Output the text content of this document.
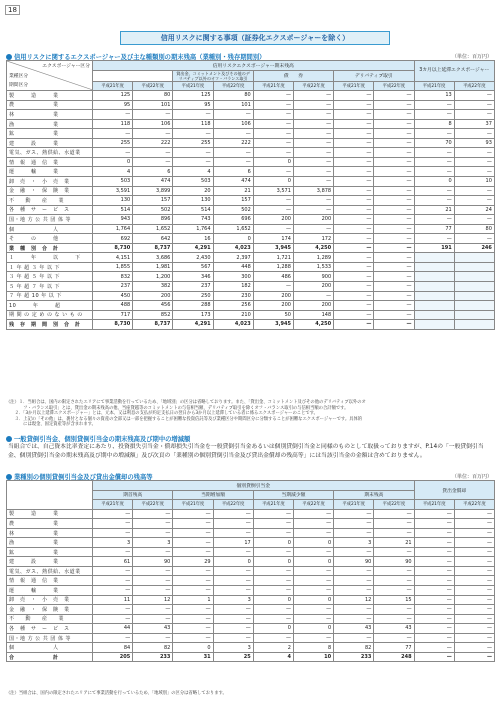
18
信用リスクに関する事項（証券化エクスポージャーを除く）
信用リスクに関するエクスポージャー及び主な種類別の期末残高（業種別・残存期間別）	（単位：百万円）
エクスポージャー区分
業種区分
期間区分	信用リスクエクスポージャー期末残高								3カ月以上延滞エクスポージャー	
			貸出金、コミットメント及びその他のデリバティブ以外のオフ・バランス取引		債　　券		デリバティブ取引			
	平成21年度	平成22年度	平成21年度	平成22年度	平成21年度	平成22年度	平成21年度	平成22年度	平成21年度	平成22年度
製　　　造　　　業	125	80	125	80	—	—	—	—	13	—
農　　　　　　　業	95	101	95	101	—	—	—	—	—	—
林　　　　　　　業	—	—	—	—	—	—	—	—	—	—
漁　　　　　　　業	118	106	118	106	—	—	—	—	8	37
鉱　　　　　　　業	—	—	—	—	—	—	—	—	—	—
建　　　設　　　業	255	222	255	222	—	—	—	—	70	93
電気、ガス、熱供給、水道業	—	—	—	—	—	—	—	—	—	—
情　報　通　信　業	0	—	—	—	0	—	—	—	—	—
運　　　輸　　　業	4	6	4	6	—	—	—	—	—	—
卸　売　・　小　売　業	503	474	503	474	0	—	—	—	0	10
金　融　・　保　険　業	3,591	3,899	20	21	3,571	3,878	—	—	—	—
不　　動　　産　　業	130	157	130	157	—	—	—	—	—	—
各　種　サ　ー　ビ　ス	514	502	514	502	—	—	—	—	21	24
国・地 方 公 共 団 体 等	943	896	743	696	200	200	—	—	—	—
個　　　　　　　人	1,764	1,652	1,764	1,652	—	—	—	—	77	80
そ　　　の　　　他	692	642	16	0	174	172	—	—	—	—
業　種　別　合　計	8,730	8,737	4,291	4,023	3,945	4,250	—	—	191	246
１　　　年　　　以　　　下	4,151	3,686	2,430	2,397	1,721	1,289	—	—		
１ 年 超 ３ 年 以 下	1,855	1,981	567	448	1,288	1,533	—	—		
３ 年 超 ５ 年 以 下	832	1,200	346	300	486	900	—	—		
５ 年 超 ７ 年 以 下	237	382	237	182	—	200	—	—		
７ 年 超 10 年 以 下	450	200	250	230	200	—	—	—		
10　　　年　　　超	488	456	288	256	200	200	—	—		
期 間 の 定 め の な い も の	717	852	173	210	50	148	—	—		
残　存　期　間　別　合　計	8,730	8,737	4,291	4,023	3,945	4,250	—	—		
（注）１．当組合は、国内の限定されたエリアにて事業活動を行っているため、「地域別」の区分は省略しております。また、「貸出金、コミットメント及びその他のデリバティブ以外のオ
　　　　フ・バランス取引」とは、貸出金の期末残高の他、当座貸越等のコミットメントの与信相当額、デリバティブ取引を除くオフ・バランス取引の与信相当額の合計額です。
　　２．「3か月以上延滞エクスポージャー」とは、元本、又は利息の支払が約定支払日の翌日から3か月以上延滞している者に係るエクスポージャーのことです。
　　３．上記の「その他」は、裏付となる個々の資産の全部又は一部を把握することが困難な投資信託等及び業種区分や期間区分に分類することが困難なエクスポージャーです。具体的
　　　　には現金、固定資産等が含まれます。
一般貸倒引当金、個別貸倒引当金の期末残高及び期中の増減額
当組合では、自己資本比率査定にあたり、投資損失引当金・償却損失引当金を一般貸倒引当金あるいは個別貸倒引当金と同様のものとして取扱っておりますが、P.14の「一般貸倒引当金、個別貸倒引当金の期末残高及び期中の増減額」及び次頁の「業種別の個別貸倒引当金及び貸出金償却の残高等」には当該引当金の金額は含めておりません。
業種別の個別貸倒引当金及び貸出金償却の残高等	（単位：百万円）
	個別貸倒引当金								貸出金償却	
	期首残高		当期増加額		当期減少額		期末残高			
	平成21年度	平成22年度	平成21年度	平成22年度	平成21年度	平成22年度	平成21年度	平成22年度	平成21年度	平成22年度
製　　　造　　　業	—	—	—	—	—	—	—	—	—	—
農　　　　　　　業	—	—	—	—	—	—	—	—	—	—
林　　　　　　　業	—	—	—	—	—	—	—	—	—	—
漁　　　　　　　業	3	3	—	17	0	0	3	21	—	—
鉱　　　　　　　業	—	—	—	—	—	—	—	—	—	—
建　　　設　　　業	61	90	29	0	0	0	90	90	—	—
電気、ガス、熱供給、水道業	—	—	—	—	—	—	—	—	—	—
情　報　通　信　業	—	—	—	—	—	—	—	—	—	—
運　　　輸　　　業	—	—	—	—	—	—	—	—	—	—
卸　売　・　小　売　業	11	12	1	3	0	0	12	15	—	—
金　融　・　保　険　業	—	—	—	—	—	—	—	—	—	—
不　　動　　産　　業	—	—	—	—	—	—	—	—	—	—
各　種　サ　ー　ビ　ス	44	43	—	—	0	0	43	43	—	—
国・地 方 公 共 団 体 等	—	—	—	—	—	—	—	—	—	—
個　　　　　　　人	84	82	0	3	2	8	82	77	—	—
合　　　　　　　計	205	233	31	25	4	10	233	248	—	—
（注）当組合は、国内の限定されたエリアにて事業活動を行っているため、「地域別」の区分は省略しております。
